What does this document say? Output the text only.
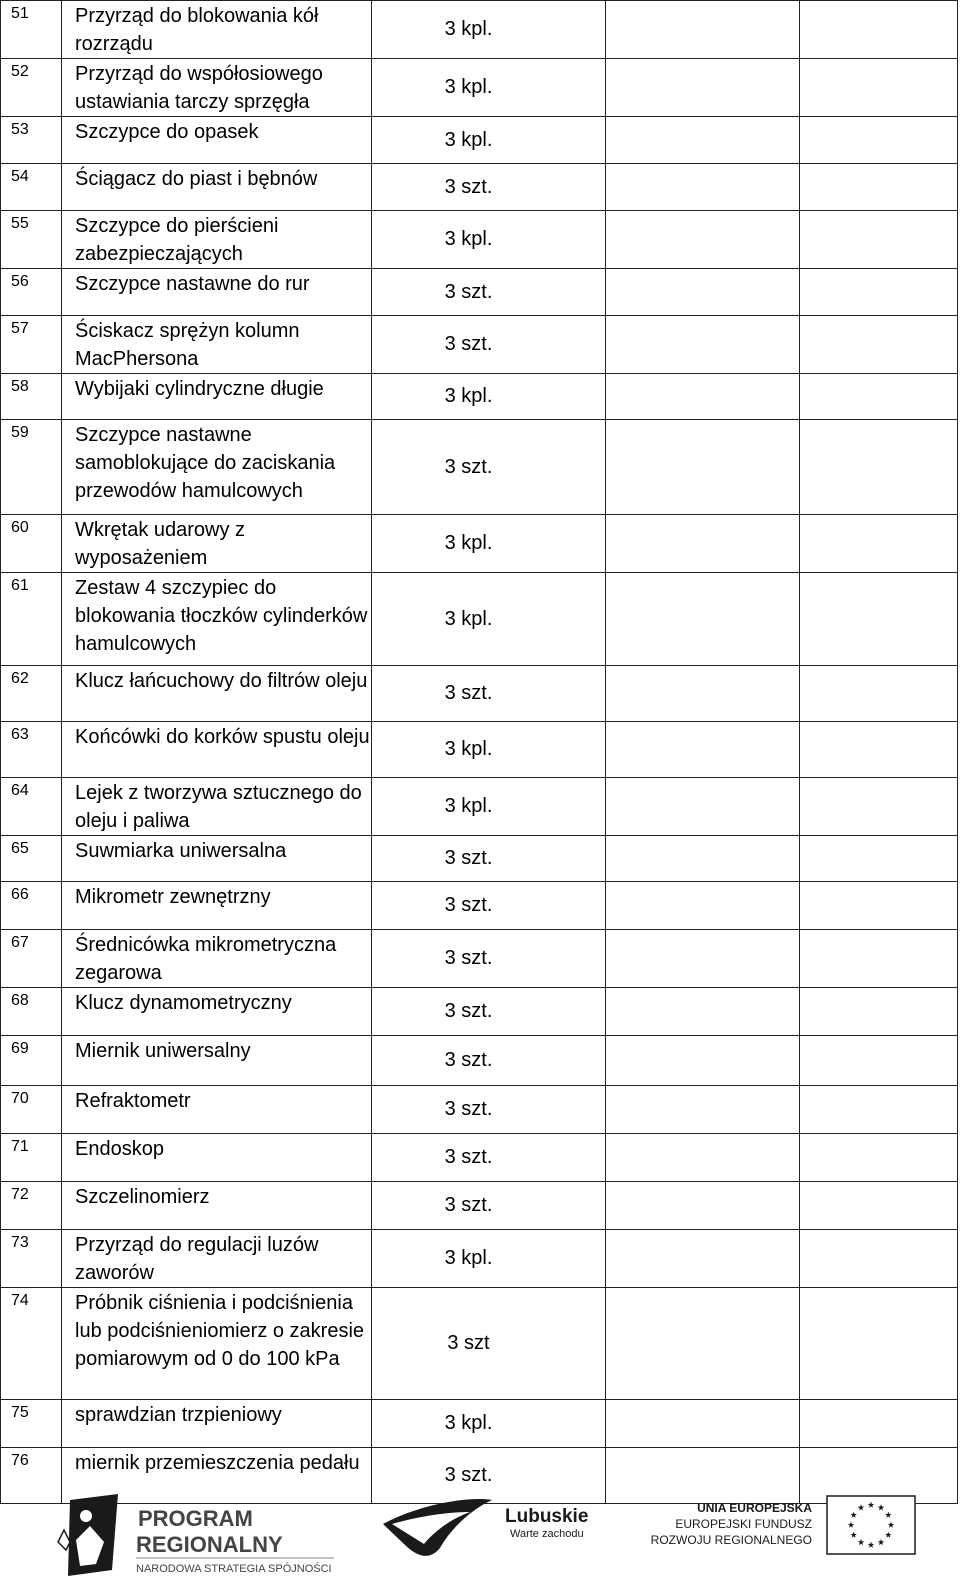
51	Przyrząd do blokowania kół rozrządu	3 kpl.		
52	Przyrząd do współosiowego ustawiania tarczy sprzęgła	3 kpl.		
53	Szczypce do opasek	3 kpl.		
54	Ściągacz do piast i bębnów	3 szt.		
55	Szczypce do pierścieni zabezpieczających	3 kpl.		
56	Szczypce nastawne do rur	3 szt.		
57	Ściskacz sprężyn kolumn MacPhersona	3 szt.		
58	Wybijaki cylindryczne długie	3 kpl.		
59	Szczypce nastawne samoblokujące do zaciskania przewodów hamulcowych	3 szt.		
60	Wkrętak udarowy z wyposażeniem	3 kpl.		
61	Zestaw 4 szczypiec do blokowania tłoczków cylinderków hamulcowych	3 kpl.		
62	Klucz łańcuchowy do filtrów oleju	3 szt.		
63	Końcówki do korków spustu oleju	3 kpl.		
64	Lejek z tworzywa sztucznego do oleju i paliwa	3 kpl.		
65	Suwmiarka uniwersalna	3 szt.		
66	Mikrometr zewnętrzny	3 szt.		
67	Średnicówka mikrometryczna zegarowa	3 szt.		
68	Klucz dynamometryczny	3 szt.		
69	Miernik uniwersalny	3 szt.		
70	Refraktometr	3 szt.		
71	Endoskop	3 szt.		
72	Szczelinomierz	3 szt.		
73	Przyrząd do regulacji luzów zaworów	3 kpl.		
74	Próbnik ciśnienia i podciśnienia lub podciśnieniomierz o zakresie pomiarowym od 0 do 100 kPa	3 szt		
75	sprawdzian trzpieniowy	3 kpl.		
76	miernik przemieszczenia pedału	3 szt.		
PROGRAM
REGIONALNY
NARODOWA STRATEGIA SPÓJNOŚCI
Lubuskie
Warte zachodu
UNIA EUROPEJSKA
EUROPEJSKI FUNDUSZ
ROZWOJU REGIONALNEGO
